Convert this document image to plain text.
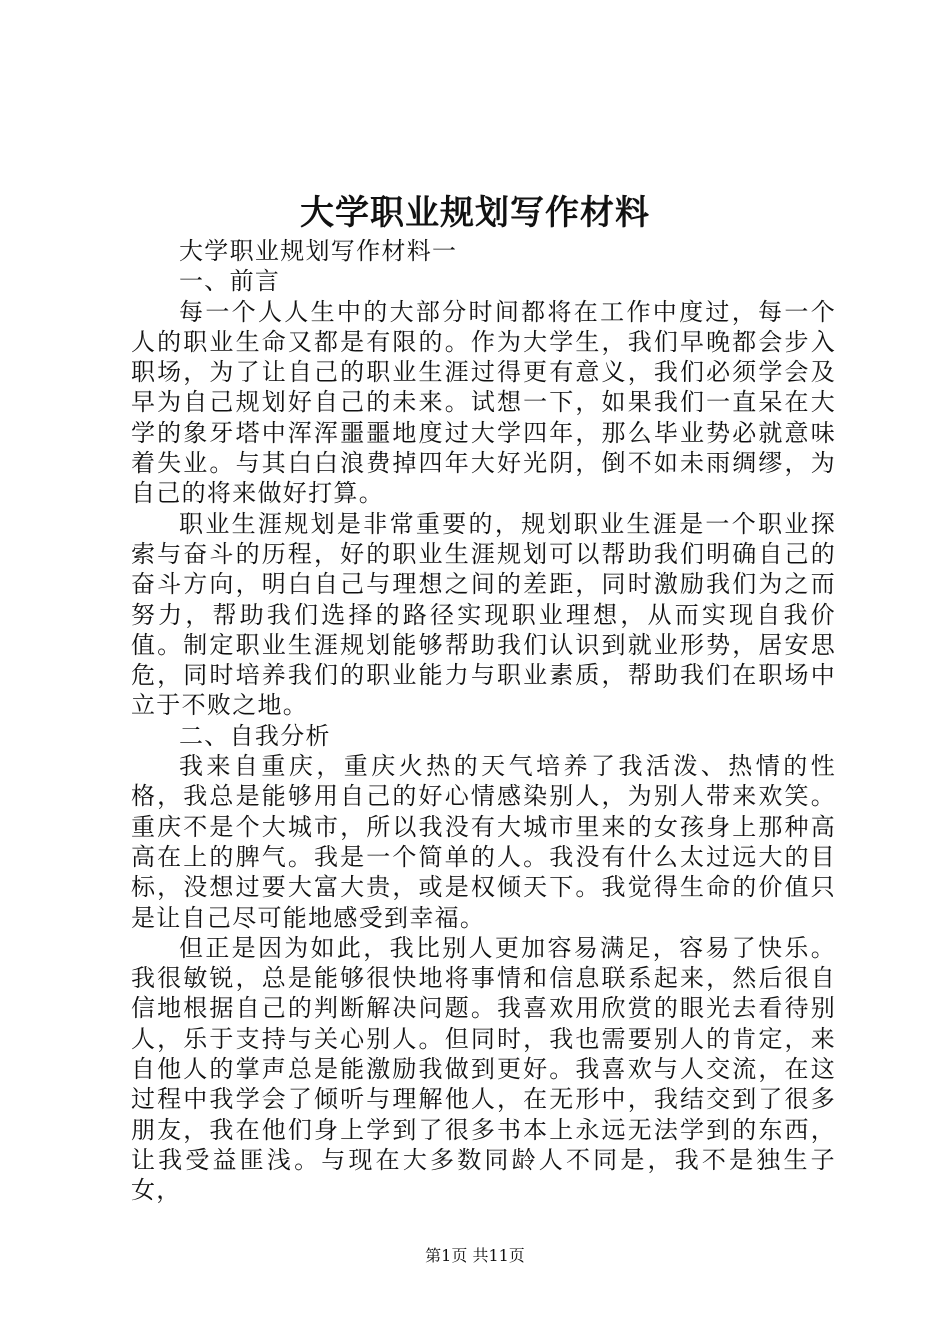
大学职业规划写作材料

大学职业规划写作材料一

一、前言

每一个人人生中的大部分时间都将在工作中度过，每一个人的职业生命又都是有限的。作为大学生，我们早晚都会步入职场，为了让自己的职业生涯过得更有意义，我们必须学会及早为自己规划好自己的未来。试想一下，如果我们一直呆在大学的象牙塔中浑浑噩噩地度过大学四年，那么毕业势必就意味着失业。与其白白浪费掉四年大好光阴，倒不如未雨绸缪，为自己的将来做好打算。

职业生涯规划是非常重要的，规划职业生涯是一个职业探索与奋斗的历程，好的职业生涯规划可以帮助我们明确自己的奋斗方向，明白自己与理想之间的差距，同时激励我们为之而努力，帮助我们选择的路径实现职业理想，从而实现自我价值。制定职业生涯规划能够帮助我们认识到就业形势，居安思危，同时培养我们的职业能力与职业素质，帮助我们在职场中立于不败之地。

二、自我分析

我来自重庆，重庆火热的天气培养了我活泼、热情的性格，我总是能够用自己的好心情感染别人，为别人带来欢笑。重庆不是个大城市，所以我没有大城市里来的女孩身上那种高高在上的脾气。我是一个简单的人。我没有什么太过远大的目标，没想过要大富大贵，或是权倾天下。我觉得生命的价值只是让自己尽可能地感受到幸福。

但正是因为如此，我比别人更加容易满足，容易了快乐。我很敏锐，总是能够很快地将事情和信息联系起来，然后很自信地根据自己的判断解决问题。我喜欢用欣赏的眼光去看待别人，乐于支持与关心别人。但同时，我也需要别人的肯定，来自他人的掌声总是能激励我做到更好。我喜欢与人交流，在这过程中我学会了倾听与理解他人，在无形中，我结交到了很多朋友，我在他们身上学到了很多书本上永远无法学到的东西，让我受益匪浅。与现在大多数同龄人不同是，我不是独生子女，

第1页 共11页
